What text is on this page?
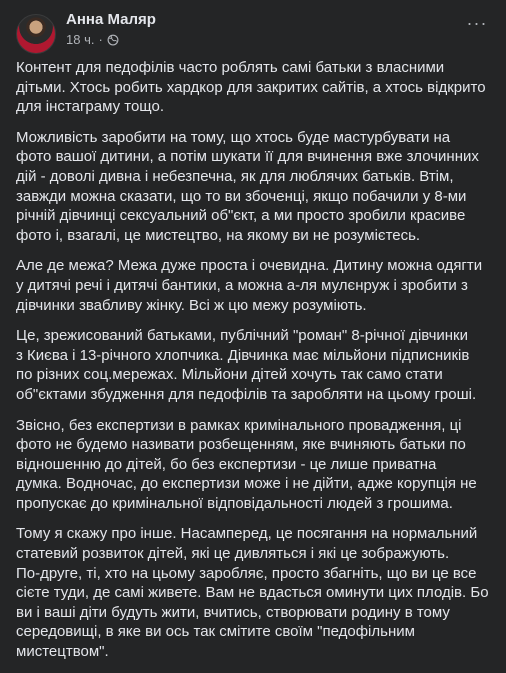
Анна Маляр
18 ч. ·
···

Контент для педофілів часто роблять самі батьки з власними
дітьми. Хтось робить хардкор для закритих сайтів, а хтось відкрито
для інстаграму тощо.

Можливість заробити на тому, що хтось буде мастурбувати на
фото вашої дитини, а потім шукати її для вчинення вже злочинних
дій - доволі дивна і небезпечна, як для люблячих батьків. Втім,
завжди можна сказати, що то ви збоченці, якщо побачили у 8-ми
річній дівчинці сексуальний об"єкт, а ми просто зробили красиве
фото і, взагалі, це мистецтво, на якому ви не розумієтесь.

Але де межа? Межа дуже проста і очевидна. Дитину можна одягти
у дитячі речі і дитячі бантики, а можна а-ля мулєнруж і зробити з
дівчинки звабливу жінку. Всі ж цю межу розуміють.

Це, зрежисований батьками, публічний "роман" 8-річної дівчинки
з Києва і 13-річного хлопчика. Дівчинка має мільйони підписників
по різних соц.мережах. Мільйони дітей хочуть так само стати
об"єктами збудження для педофілів та заробляти на цьому гроші.

Звісно, без експертизи в рамках кримінального провадження, ці
фото не будемо називати розбещенням, яке вчиняють батьки по
відношенню до дітей, бо без експертизи - це лише приватна
думка. Водночас, до експертизи може і не дійти, адже корупція не
пропускає до кримінальної відповідальності людей з грошима.

Тому я скажу про інше. Насамперед, це посягання на нормальний
статевий розвиток дітей, які це дивляться і які це зображують.
По-друге, ті, хто на цьому заробляє, просто збагніть, що ви це все
сієте туди, де самі живете. Вам не вдасться оминути цих плодів. Бо
ви і ваші діти будуть жити, вчитись, створювати родину в тому
середовищі, в яке ви ось так смітите своїм "педофільним
мистецтвом".
